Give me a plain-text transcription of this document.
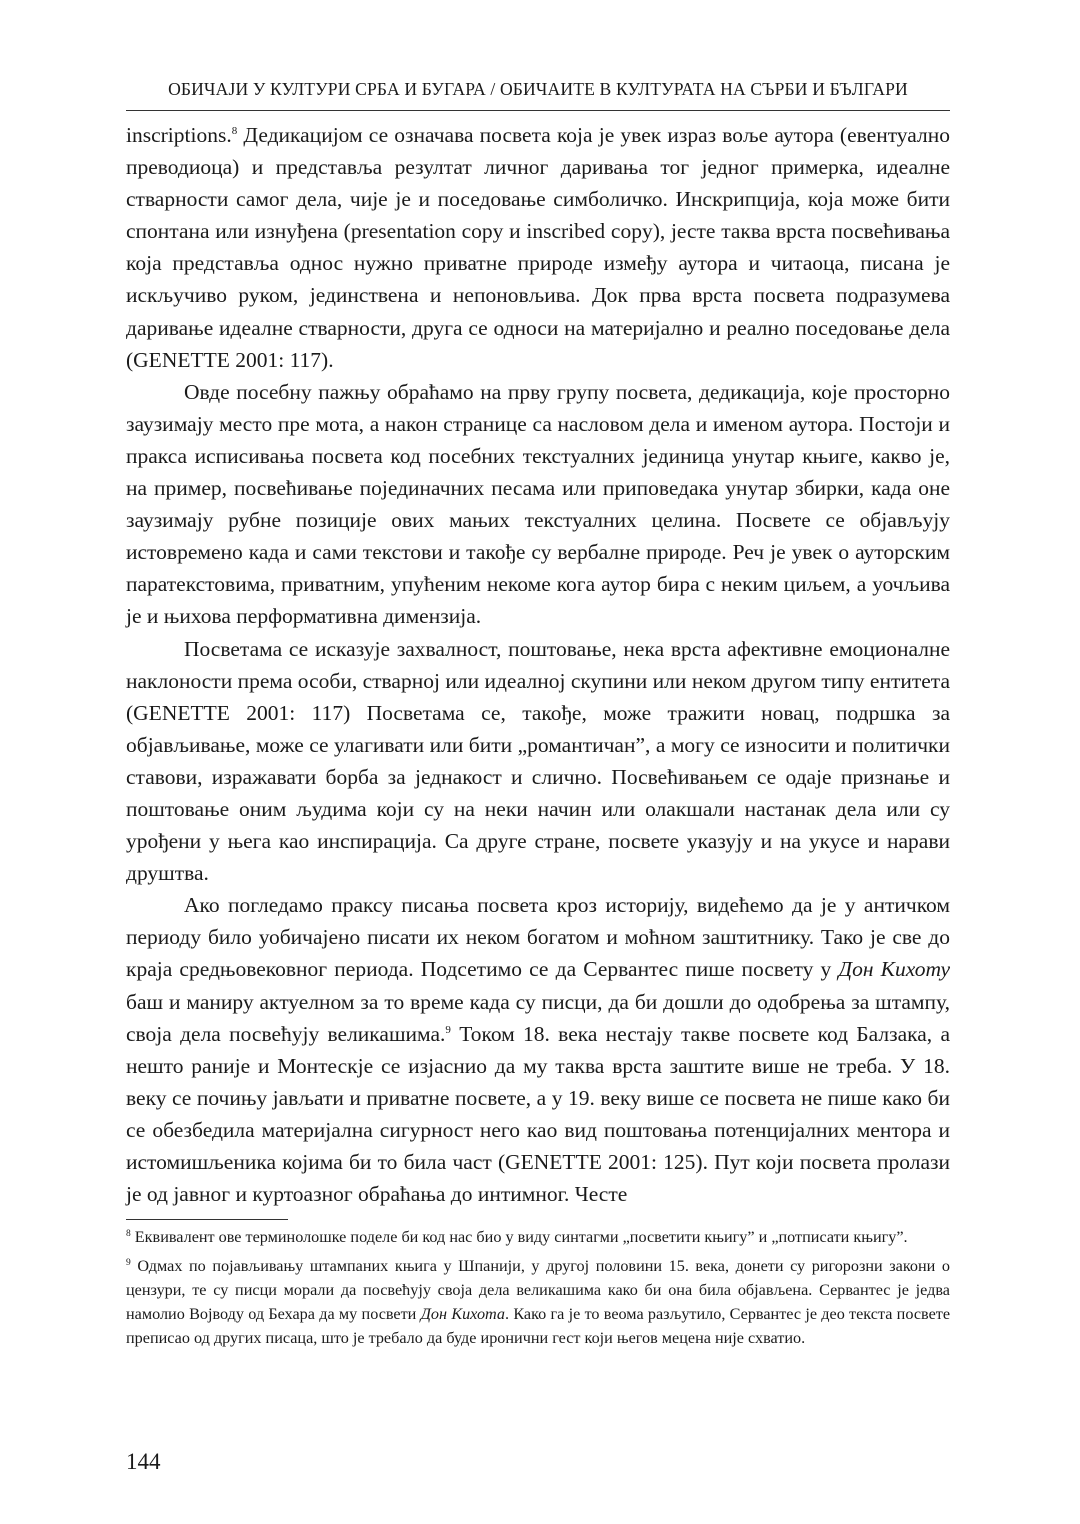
ОБИЧАЈИ У КУЛТУРИ СРБА И БУГАРА / ОБИЧАИТЕ В КУЛТУРАТА НА СЪРБИ И БЪЛГАРИ

inscriptions.$^8$ Дедикацијом се означава посвета која је увек израз воље аутора (евентуално преводиоца) и представља резултат личног даривања тог једног примерка, идеалне стварности самог дела, чије је и поседовање симболичко. Инскрипција, која може бити спонтана или изнуђена (presentation copy и inscribed copy), јесте таква врста посвећивања која представља однос нужно приватне природе између аутора и читаоца, писана је искључиво руком, јединствена и непоновљива. Док прва врста посвета подразумева даривање идеалне стварности, друга се односи на материјално и реално поседовање дела (GENETTE 2001: 117).

Овде посебну пажњу обраћамо на прву групу посвета, дедикација, које просторно заузимају место пре мота, а након странице са насловом дела и именом аутора. Постоји и пракса исписивања посвета код посебних текстуалних јединица унутар књиге, какво је, на пример, посвећивање појединачних песама или приповедака унутар збирки, када оне заузимају рубне позиције ових мањих текстуалних целина. Посвете се објављују истовремено када и сами текстови и такође су вербалне природе. Реч је увек о ауторским паратекстовима, приватним, упућеним некоме кога аутор бира с неким циљем, а уочљива је и њихова перформативна димензија.

Посветама се исказује захвалност, поштовање, нека врста афективне емоционалне наклоности према особи, стварној или идеалној скупини или неком другом типу ентитета (GENETTE 2001: 117) Посветама се, такође, може тражити новац, подршка за објављивање, може се улагивати или бити „романтичан”, а могу се износити и политички ставови, изражавати борба за једнакост и слично. Посвећивањем се одаје признање и поштовање оним људима који су на неки начин или олакшали настанак дела или су урођени у њега као инспирација. Са друге стране, посвете указују и на укусе и нарави друштва.

Ако погледамо праксу писања посвета кроз историју, видећемо да је у античком периоду било уобичајено писати их неком богатом и моћном заштитнику. Тако је све до краја средњовековног периода. Подсетимо се да Сервантес пише посвету у Дон Кихоту баш и маниру актуелном за то време када су писци, да би дошли до одобрења за штампу, своја дела посвећују великашима.$^9$ Током 18. века нестају такве посвете код Балзака, а нешто раније и Монтескје се изјаснио да му таква врста заштите више не треба. У 18. веку се почињу јављати и приватне посвете, а у 19. веку више се посвета не пише како би се обезбедила материјална сигурност него као вид поштовања потенцијалних ментора и истомишљеника којима би то била част (GENETTE 2001: 125). Пут који посвета пролази је од јавног и куртоазног обраћања до интимног. Честе

$^8$ Еквивалент ове терминолошке поделе би код нас био у виду синтагми „посветити књигу” и „потписати књигу”.

$^9$ Одмах по појављивању штампаних књига у Шпанији, у другој половини 15. века, донети су ригорозни закони о цензури, те су писци морали да посвећују своја дела великашима како би она била објављена. Сервантес је једва намолио Војводу од Бехара да му посвети Дон Кихота. Како га је то веома разљутило, Сервантес је део текста посвете преписао од других писаца, што је требало да буде иронични гест који његов мецена није схватио.

144
